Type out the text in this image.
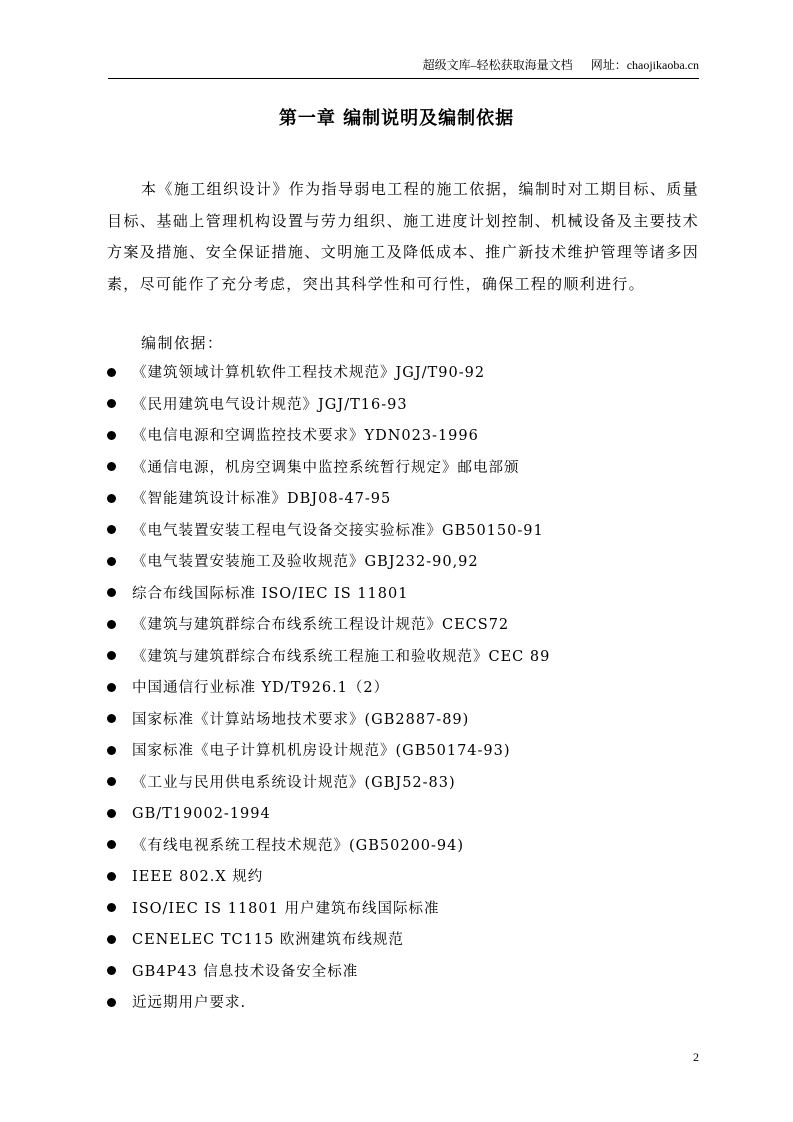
超级文库–轻松获取海量文档 网址：chaojikaoba.cn
第一章 编制说明及编制依据

本《施工组织设计》作为指导弱电工程的施工依据，编制时对工期目标、质量目标、基础上管理机构设置与劳力组织、施工进度计划控制、机械设备及主要技术方案及措施、安全保证措施、文明施工及降低成本、推广新技术维护管理等诸多因素，尽可能作了充分考虑，突出其科学性和可行性，确保工程的顺利进行。

编制依据：
《建筑领域计算机软件工程技术规范》JGJ/T90-92
《民用建筑电气设计规范》JGJ/T16-93
《电信电源和空调监控技术要求》YDN023-1996
《通信电源，机房空调集中监控系统暂行规定》邮电部颁
《智能建筑设计标准》DBJ08-47-95
《电气装置安装工程电气设备交接实验标准》GB50150-91
《电气装置安装施工及验收规范》GBJ232-90,92
综合布线国际标准 ISO/IEC IS 11801
《建筑与建筑群综合布线系统工程设计规范》CECS72
《建筑与建筑群综合布线系统工程施工和验收规范》CEC 89
中国通信行业标准 YD/T926.1（2）
国家标准《计算站场地技术要求》(GB2887-89)
国家标准《电子计算机机房设计规范》(GB50174-93)
《工业与民用供电系统设计规范》(GBJ52-83)
GB/T19002-1994
《有线电视系统工程技术规范》(GB50200-94)
IEEE 802.X 规约
ISO/IEC IS 11801 用户建筑布线国际标准
CENELEC TC115 欧洲建筑布线规范
GB4P43 信息技术设备安全标准
近远期用户要求.
2
